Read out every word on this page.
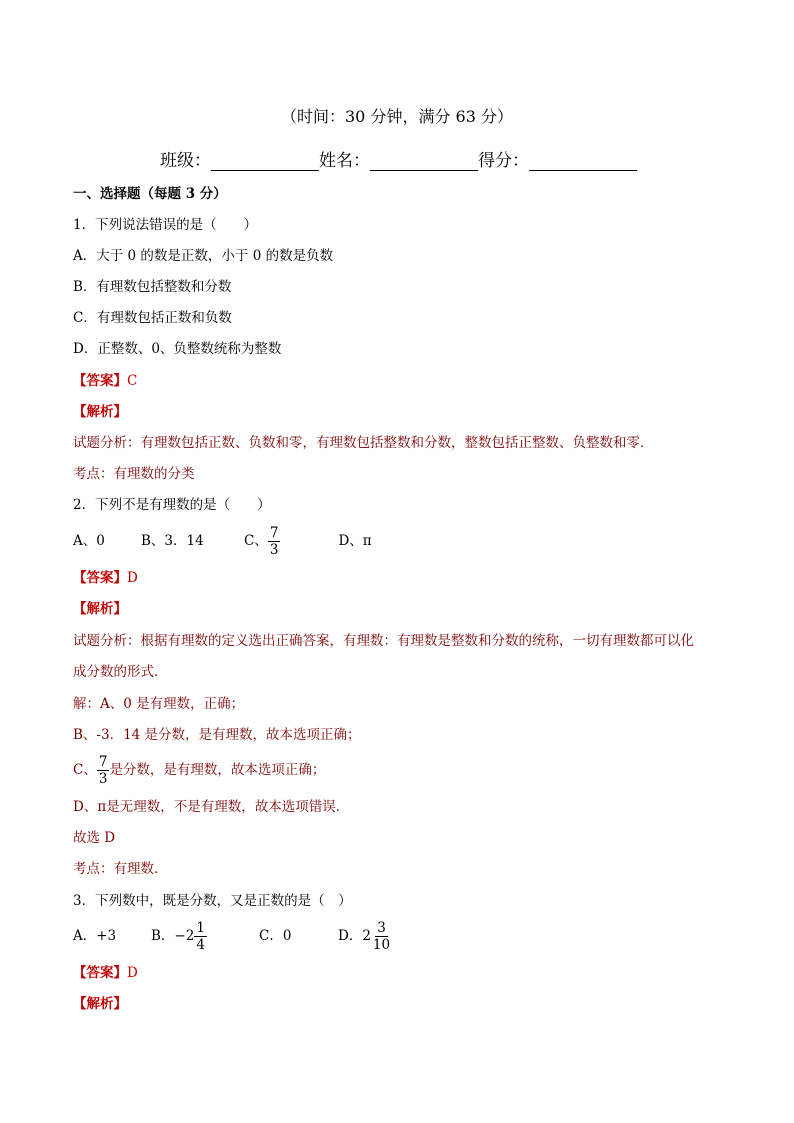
（时间：30 分钟，满分 63 分）
班级：	姓名：	得分：
一、选择题（每题 3 分）
1．下列说法错误的是（　　）
A．大于 0 的数是正数，小于 0 的数是负数
B．有理数包括整数和分数
C．有理数包括正数和负数
D．正整数、0、负整数统称为整数
【答案】C
【解析】
试题分析：有理数包括正数、负数和零，有理数包括整数和分数，整数包括正整数、负整数和零．
考点：有理数的分类
2．下列不是有理数的是（　　）
A、0	B、3．14	C、 $\frac{7}{3}$	D、π
【答案】D
【解析】
试题分析：根据有理数的定义选出正确答案，有理数：有理数是整数和分数的统称，一切有理数都可以化
成分数的形式．
解：A、0 是有理数，正确；
B、-3．14 是分数，是有理数，故本选项正确；
C、 $\frac{7}{3}$ 是分数，是有理数，故本选项正确；
D、π是无理数，不是有理数，故本选项错误．
故选 D
考点：有理数．
3．下列数中，既是分数，又是正数的是（　）
A．+3	B．$-2 \frac{1}{4}$	C．0	D．$2 \frac{3}{10}$
【答案】D
【解析】
